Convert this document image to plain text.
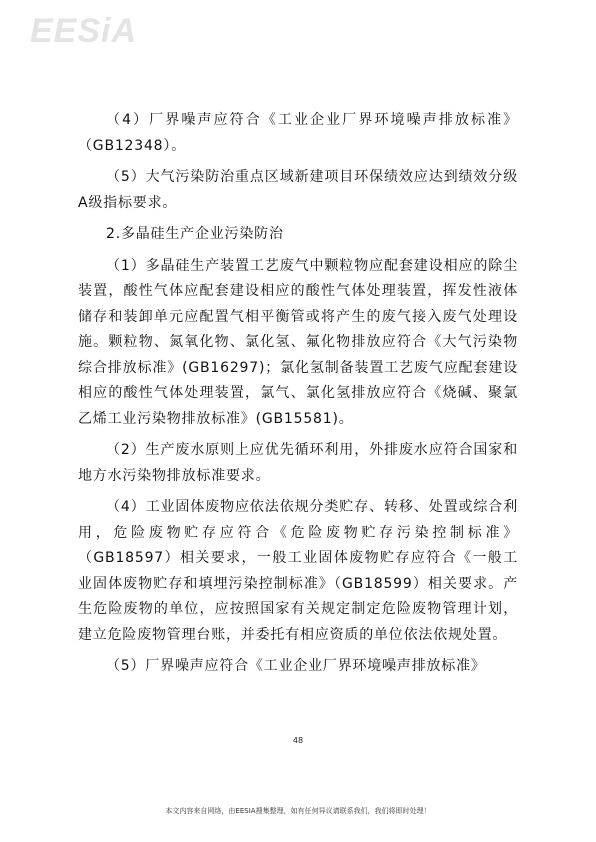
EESiA

（4）厂界噪声应符合《工业企业厂界环境噪声排放标准》（GB12348）。

（5）大气污染防治重点区域新建项目环保绩效应达到绩效分级A级指标要求。

2.多晶硅生产企业污染防治

（1）多晶硅生产装置工艺废气中颗粒物应配套建设相应的除尘装置，酸性气体应配套建设相应的酸性气体处理装置，挥发性液体储存和装卸单元应配置气相平衡管或将产生的废气接入废气处理设施。颗粒物、氮氧化物、氯化氢、氟化物排放应符合《大气污染物综合排放标准》(GB16297)；氯化氢制备装置工艺废气应配套建设相应的酸性气体处理装置，氯气、氯化氢排放应符合《烧碱、聚氯乙烯工业污染物排放标准》(GB15581)。

（2）生产废水原则上应优先循环利用，外排废水应符合国家和地方水污染物排放标准要求。

（4）工业固体废物应依法依规分类贮存、转移、处置或综合利用，危险废物贮存应符合《危险废物贮存污染控制标准》（GB18597）相关要求，一般工业固体废物贮存应符合《一般工业固体废物贮存和填埋污染控制标准》（GB18599）相关要求。产生危险废物的单位，应按照国家有关规定制定危险废物管理计划，建立危险废物管理台账，并委托有相应资质的单位依法依规处置。

（5）厂界噪声应符合《工业企业厂界环境噪声排放标准》

48
本文内容来自网络，由EESIA搜集整理，如有任何异议请联系我们，我们将即时处理！
